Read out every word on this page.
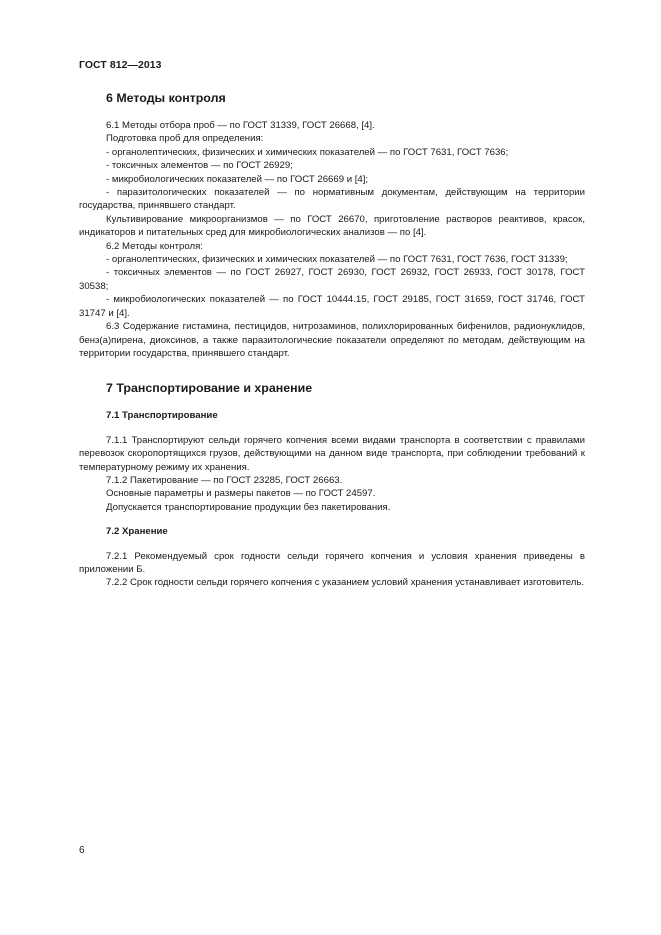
ГОСТ 812—2013
6 Методы контроля

6.1 Методы отбора проб — по ГОСТ 31339, ГОСТ 26668, [4].

Подготовка проб для определения:

- органолептических, физических и химических показателей — по ГОСТ 7631, ГОСТ 7636;

- токсичных элементов — по ГОСТ 26929;

- микробиологических показателей — по ГОСТ 26669 и [4];

- паразитологических показателей — по нормативным документам, действующим на территории государства, принявшего стандарт.

Культивирование микроорганизмов — по ГОСТ 26670, приготовление растворов реактивов, красок, индикаторов и питательных сред для микробиологических анализов — по [4].

6.2 Методы контроля:

- органолептических, физических и химических показателей — по ГОСТ 7631, ГОСТ 7636, ГОСТ 31339;

- токсичных элементов — по ГОСТ 26927, ГОСТ 26930, ГОСТ 26932, ГОСТ 26933, ГОСТ 30178, ГОСТ 30538;

- микробиологических показателей — по ГОСТ 10444.15, ГОСТ 29185, ГОСТ 31659, ГОСТ 31746, ГОСТ 31747 и [4].

6.3 Содержание гистамина, пестицидов, нитрозаминов, полихлорированных бифенилов, радионуклидов, бенз(а)пирена, диоксинов, а также паразитологические показатели определяют по методам, действующим на территории государства, принявшего стандарт.

7 Транспортирование и хранение
7.1 Транспортирование

7.1.1 Транспортируют сельди горячего копчения всеми видами транспорта в соответствии с правилами перевозок скоропортящихся грузов, действующими на данном виде транспорта, при соблюдении требований к температурному режиму их хранения.

7.1.2 Пакетирование — по ГОСТ 23285, ГОСТ 26663.

Основные параметры и размеры пакетов — по ГОСТ 24597.

Допускается транспортирование продукции без пакетирования.

7.2 Хранение

7.2.1 Рекомендуемый срок годности сельди горячего копчения и условия хранения приведены в приложении Б.

7.2.2 Срок годности сельди горячего копчения с указанием условий хранения устанавливает изготовитель.

6
